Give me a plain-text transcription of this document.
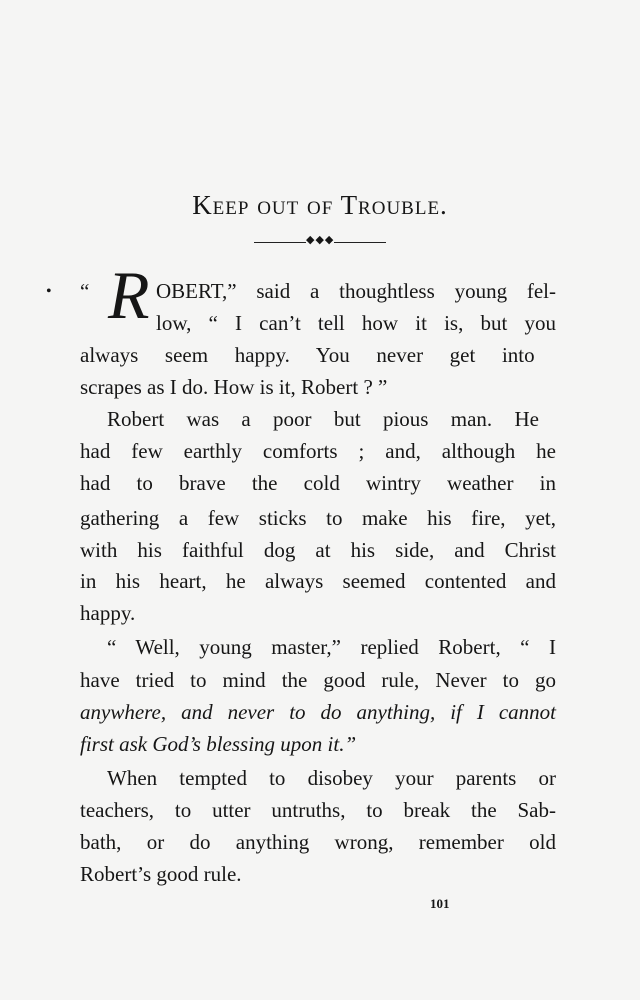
Keep out of Trouble.
◆◆◆
• R
“	OBERT,” said a thoughtless young fel-
low, “ I can’t tell how it is, but you
always seem happy. You never get into
scrapes as I do. How is it, Robert ? ”
Robert was a poor but pious man. He
had few earthly comforts ; and, although he
had to brave the cold wintry weather in
gathering a few sticks to make his fire, yet,
with his faithful dog at his side, and Christ
in his heart, he always seemed contented and
happy.
“ Well, young master,” replied Robert, “ I
have tried to mind the good rule, Never to go
anywhere, and never to do anything, if I cannot
first ask God’s blessing upon it.”
When tempted to disobey your parents or
teachers, to utter untruths, to break the Sab-
bath, or do anything wrong, remember old
Robert’s good rule.
101
